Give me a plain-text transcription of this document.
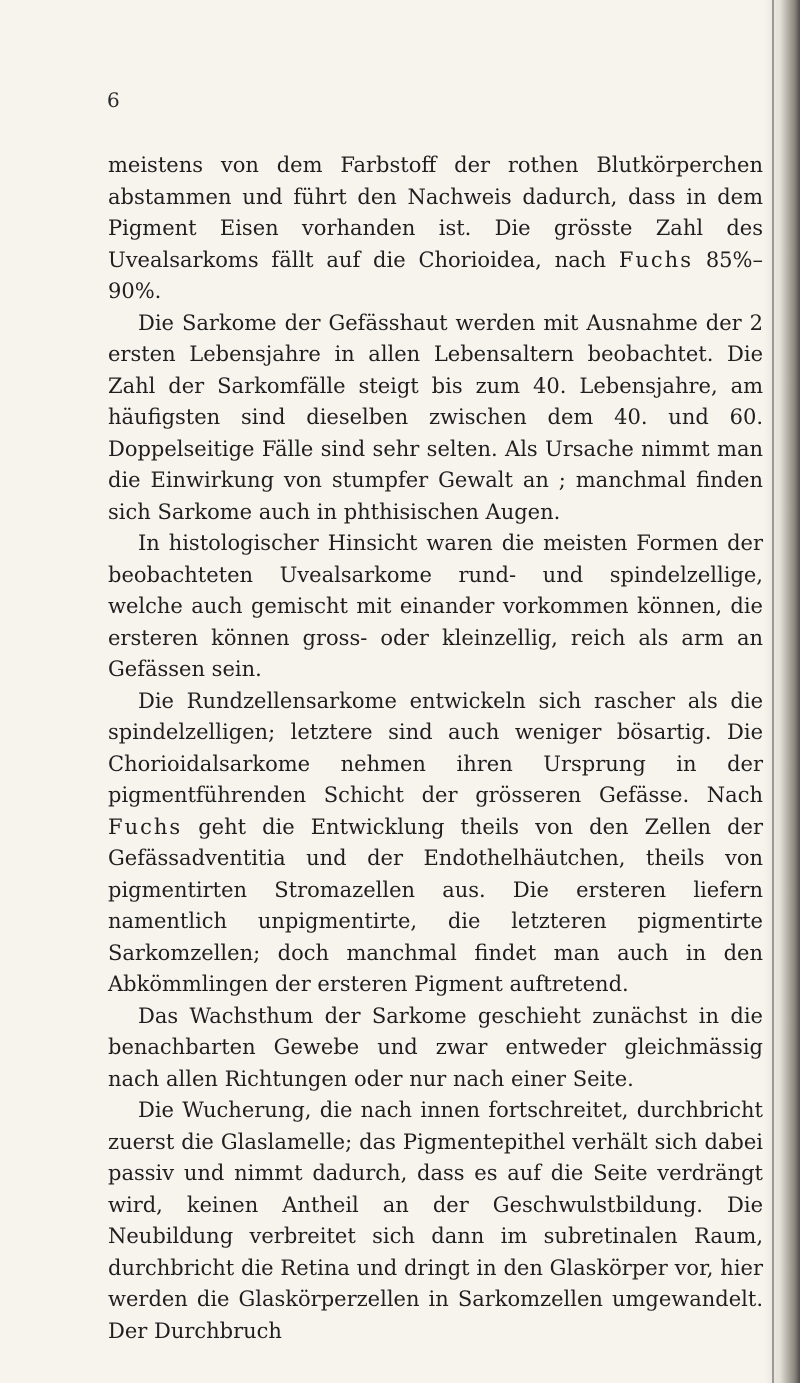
6

meistens von dem Farbstoff der rothen Blutkörperchen abstammen und führt den Nachweis dadurch, dass in dem Pigment Eisen vorhanden ist. Die grösste Zahl des Uvealsarkoms fällt auf die Chorioidea, nach Fuchs 85%–90%.

Die Sarkome der Gefässhaut werden mit Ausnahme der 2 ersten Lebensjahre in allen Lebensaltern beobachtet. Die Zahl der Sarkomfälle steigt bis zum 40. Lebensjahre, am häufigsten sind dieselben zwischen dem 40. und 60. Doppelseitige Fälle sind sehr selten. Als Ursache nimmt man die Einwirkung von stumpfer Gewalt an ; manchmal finden sich Sarkome auch in phthisischen Augen.

In histologischer Hinsicht waren die meisten Formen der beobachteten Uvealsarkome rund- und spindelzellige, welche auch gemischt mit einander vorkommen können, die ersteren können gross- oder kleinzellig, reich als arm an Gefässen sein.

Die Rundzellensarkome entwickeln sich rascher als die spindelzelligen; letztere sind auch weniger bösartig. Die Chorioidalsarkome nehmen ihren Ursprung in der pigmentführenden Schicht der grösseren Gefässe. Nach Fuchs geht die Entwicklung theils von den Zellen der Gefässadventitia und der Endothelhäutchen, theils von pigmentirten Stromazellen aus. Die ersteren liefern namentlich unpigmentirte, die letzteren pigmentirte Sarkomzellen; doch manchmal findet man auch in den Abkömmlingen der ersteren Pigment auftretend.

Das Wachsthum der Sarkome geschieht zunächst in die benachbarten Gewebe und zwar entweder gleichmässig nach allen Richtungen oder nur nach einer Seite.

Die Wucherung, die nach innen fortschreitet, durchbricht zuerst die Glaslamelle; das Pigmentepithel verhält sich dabei passiv und nimmt dadurch, dass es auf die Seite verdrängt wird, keinen Antheil an der Geschwulstbildung. Die Neubildung verbreitet sich dann im subretinalen Raum, durchbricht die Retina und dringt in den Glaskörper vor, hier werden die Glaskörperzellen in Sarkomzellen umgewandelt. Der Durchbruch
